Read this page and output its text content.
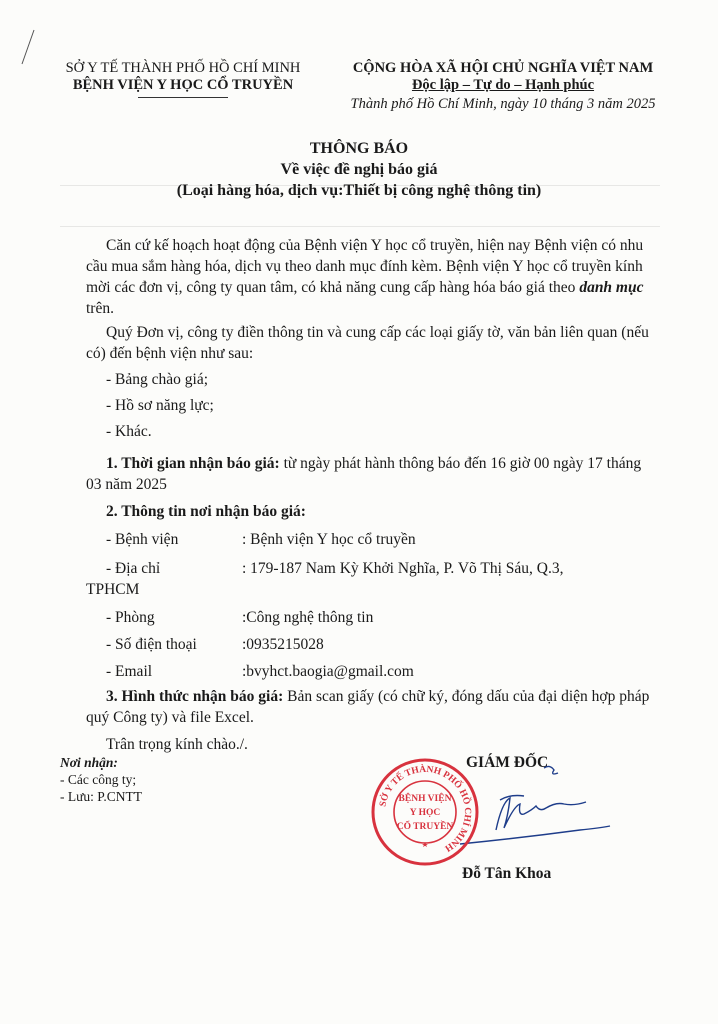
SỞ Y TẾ THÀNH PHỐ HỒ CHÍ MINH
BỆNH VIỆN Y HỌC CỔ TRUYỀN
CỘNG HÒA XÃ HỘI CHỦ NGHĨA VIỆT NAM
Độc lập – Tự do – Hạnh phúc
Thành phố Hồ Chí Minh, ngày 10 tháng 3 năm 2025
THÔNG BÁO
Về việc đề nghị báo giá
(Loại hàng hóa, dịch vụ:Thiết bị công nghệ thông tin)
Căn cứ kế hoạch hoạt động của Bệnh viện Y học cổ truyền, hiện nay Bệnh viện có nhu cầu mua sắm hàng hóa, dịch vụ theo danh mục đính kèm. Bệnh viện Y học cổ truyền kính mời các đơn vị, công ty quan tâm, có khả năng cung cấp hàng hóa báo giá theo danh mục trên.
Quý Đơn vị, công ty điền thông tin và cung cấp các loại giấy tờ, văn bản liên quan (nếu có) đến bệnh viện như sau:
- Bảng chào giá;
- Hồ sơ năng lực;
- Khác.
1. Thời gian nhận báo giá: từ ngày phát hành thông báo đến 16 giờ 00 ngày 17 tháng 03 năm 2025
2. Thông tin nơi nhận báo giá:
- Bệnh viện	: Bệnh viện Y học cổ truyền
- Địa chỉ	: 179-187 Nam Kỳ Khởi Nghĩa, P. Võ Thị Sáu, Q.3,
TPHCM
- Phòng	:Công nghệ thông tin
- Số điện thoại	:0935215028
- Email	:bvyhct.baogia@gmail.com
3. Hình thức nhận báo giá: Bản scan giấy (có chữ ký, đóng dấu của đại diện hợp pháp quý Công ty) và file Excel.
Trân trọng kính chào./.
Nơi nhận:
- Các công ty;
- Lưu: P.CNTT
GIÁM ĐỐC
Đỗ Tân Khoa
SỞ Y TẾ THÀNH PHỐ HỒ CHÍ MINH
BỆNH VIỆN
Y HỌC
CỔ TRUYỀN
